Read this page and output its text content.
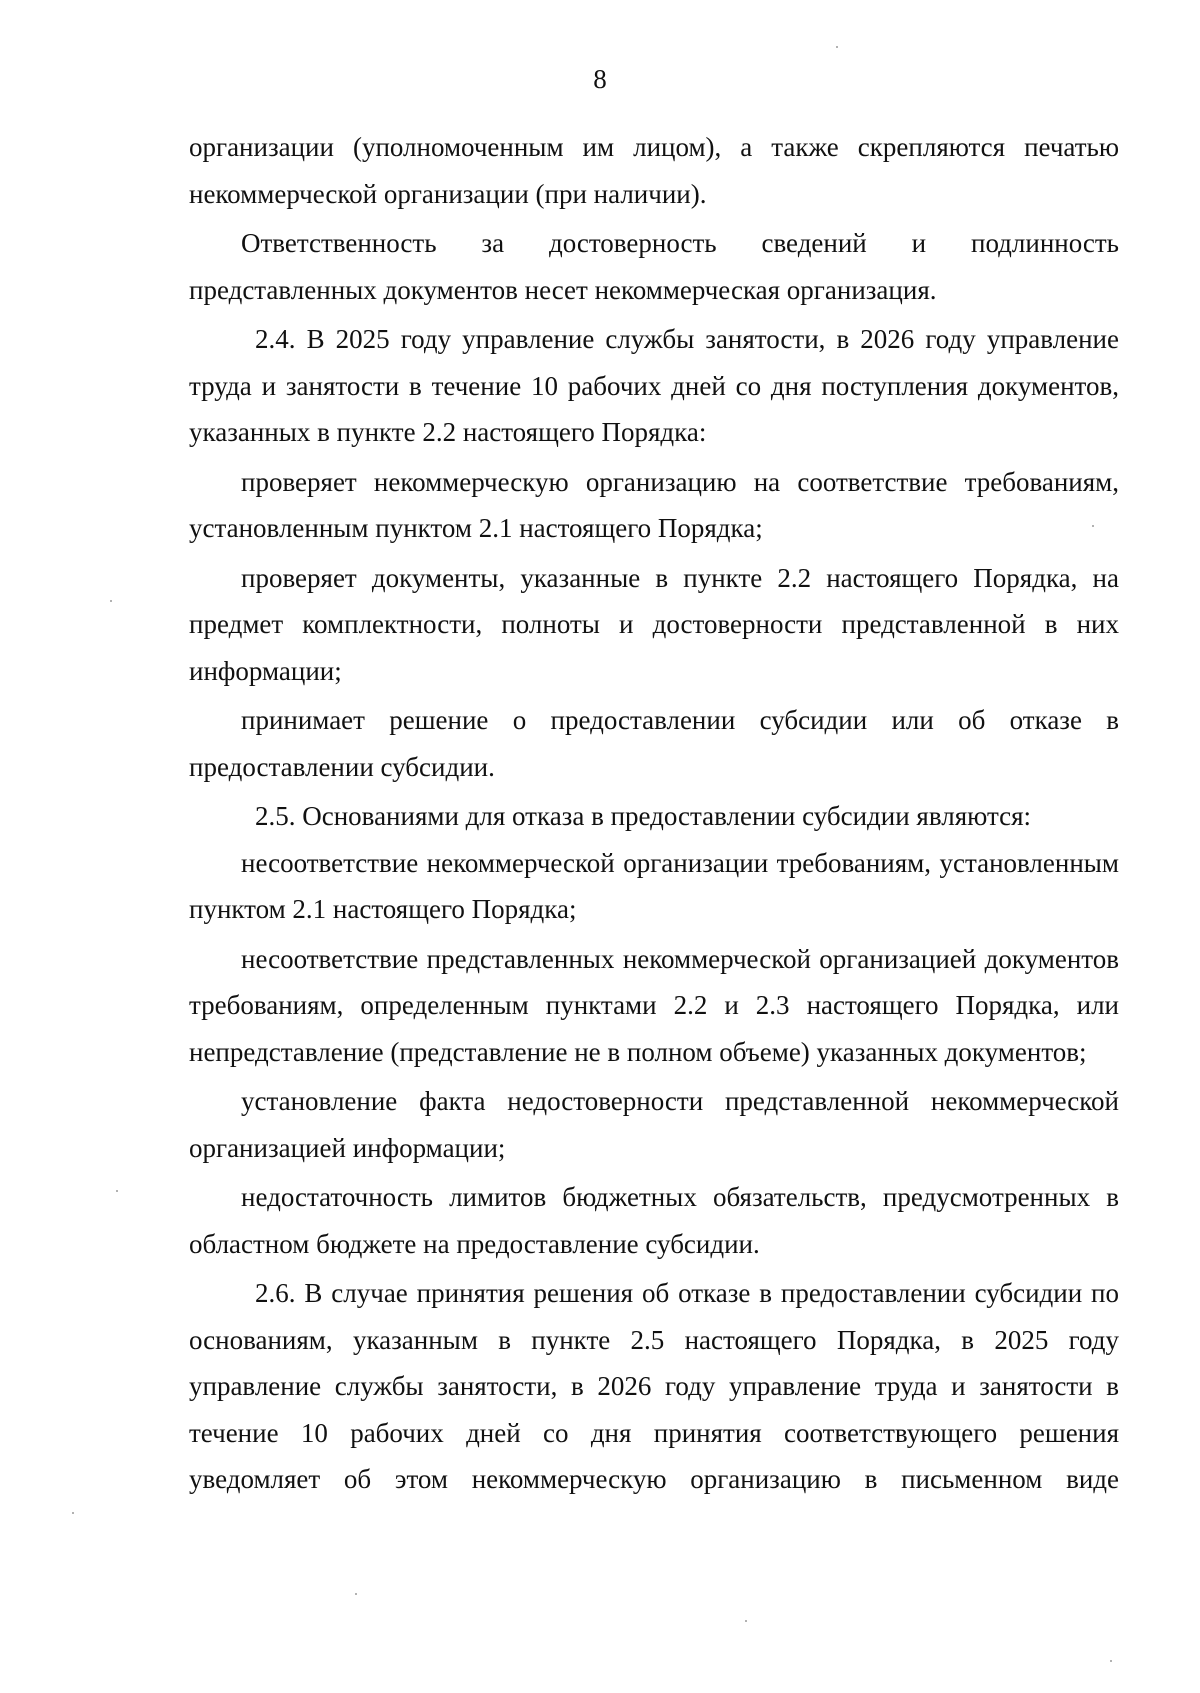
8

организации (уполномоченным им лицом), а также скрепляются печатью некоммерческой организации (при наличии).

Ответственность за достоверность сведений и подлинность представленных документов несет некоммерческая организация.

2.4. В 2025 году управление службы занятости, в 2026 году управление труда и занятости в течение 10 рабочих дней со дня поступления документов, указанных в пункте 2.2 настоящего Порядка:

проверяет некоммерческую организацию на соответствие требованиям, установленным пунктом 2.1 настоящего Порядка;

проверяет документы, указанные в пункте 2.2 настоящего Порядка, на предмет комплектности, полноты и достоверности представленной в них информации;

принимает решение о предоставлении субсидии или об отказе в предоставлении субсидии.

2.5. Основаниями для отказа в предоставлении субсидии являются:

несоответствие некоммерческой организации требованиям, установленным пунктом 2.1 настоящего Порядка;

несоответствие представленных некоммерческой организацией документов требованиям, определенным пунктами 2.2 и 2.3 настоящего Порядка, или непредставление (представление не в полном объеме) указанных документов;

установление факта недостоверности представленной некоммерческой организацией информации;

недостаточность лимитов бюджетных обязательств, предусмотренных в областном бюджете на предоставление субсидии.

2.6. В случае принятия решения об отказе в предоставлении субсидии по основаниям, указанным в пункте 2.5 настоящего Порядка, в 2025 году управление службы занятости, в 2026 году управление труда и занятости в течение 10 рабочих дней со дня принятия соответствующего решения уведомляет об этом некоммерческую организацию в письменном виде
